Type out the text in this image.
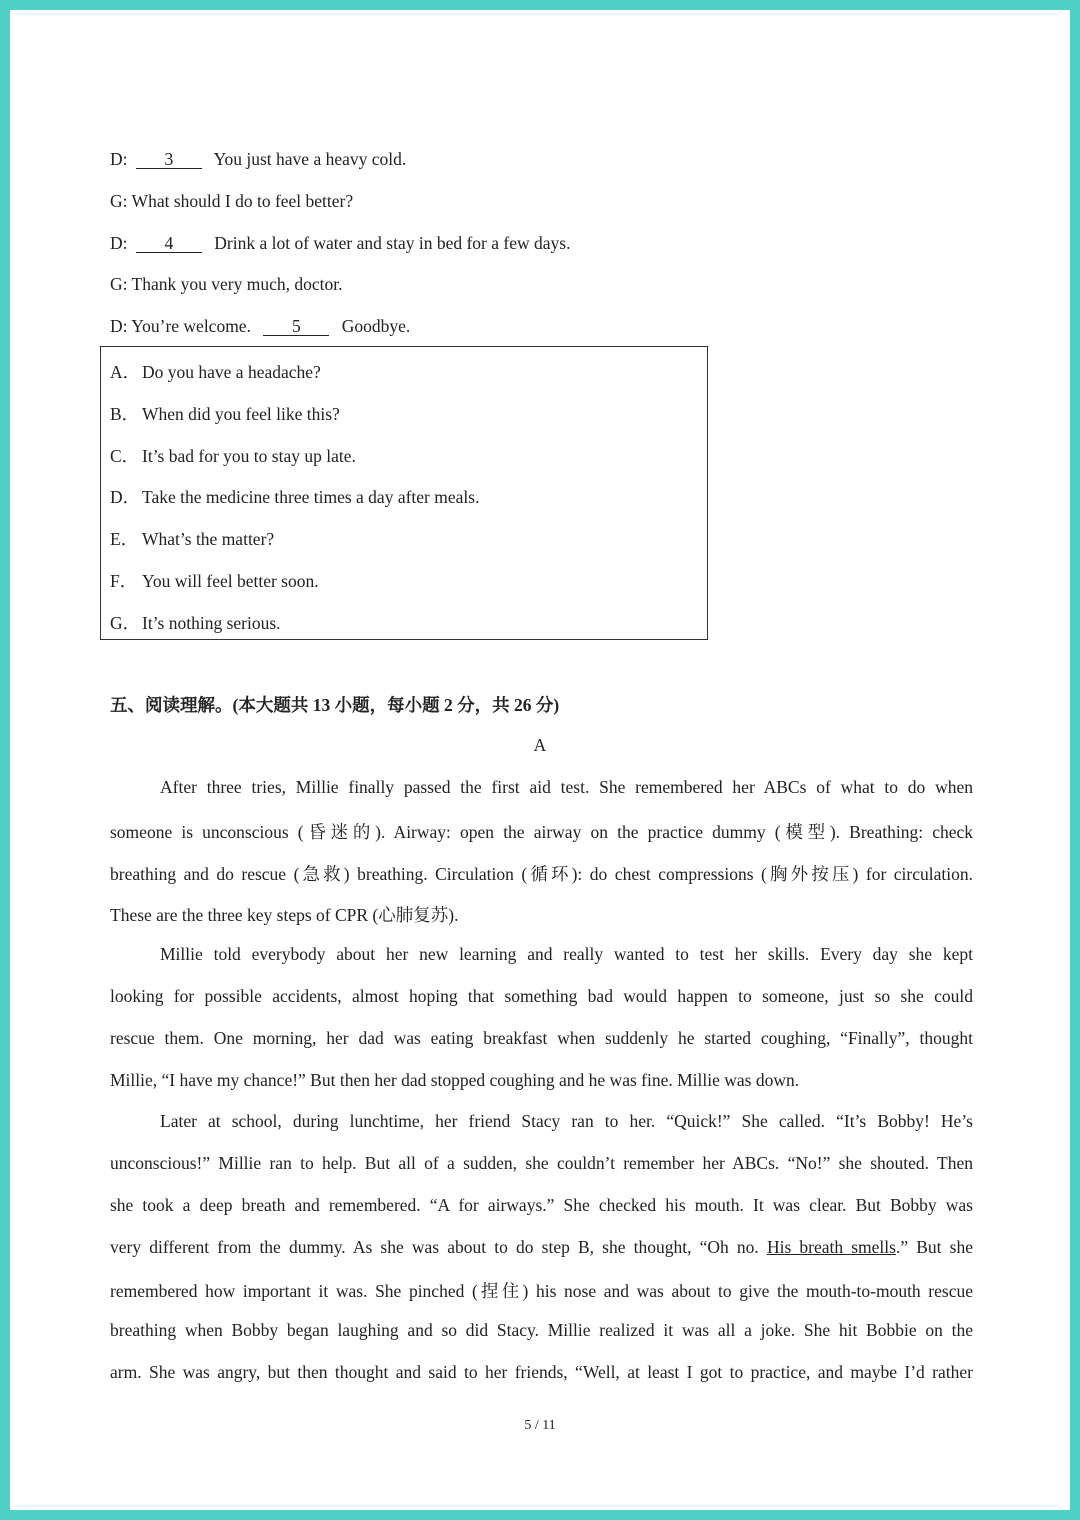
D: 3 You just have a heavy cold.
G: What should I do to feel better?
D: 4 Drink a lot of water and stay in bed for a few days.
G: Thank you very much, doctor.
D: You’re welcome. 5 Goodbye.
A． Do you have a headache?
B． When did you feel like this?
C． It’s bad for you to stay up late.
D． Take the medicine three times a day after meals.
E． What’s the matter?
F． You will feel better soon.
G． It’s nothing serious.
五、阅读理解。(本大题共 13 小题，每小题 2 分，共 26 分)
A
After three tries, Millie finally passed the first aid test. She remembered her ABCs of what to do when
someone is unconscious (昏迷的). Airway: open the airway on the practice dummy (模型). Breathing: check
breathing and do rescue (急救) breathing. Circulation (循环): do chest compressions (胸外按压) for circulation.
These are the three key steps of CPR (心肺复苏).
Millie told everybody about her new learning and really wanted to test her skills. Every day she kept
looking for possible accidents, almost hoping that something bad would happen to someone, just so she could
rescue them. One morning, her dad was eating breakfast when suddenly he started coughing, “Finally”, thought
Millie, “I have my chance!” But then her dad stopped coughing and he was fine. Millie was down.
Later at school, during lunchtime, her friend Stacy ran to her. “Quick!” She called. “It’s Bobby! He’s
unconscious!” Millie ran to help. But all of a sudden, she couldn’t remember her ABCs. “No!” she shouted. Then
she took a deep breath and remembered. “A for airways.” She checked his mouth. It was clear. But Bobby was
very different from the dummy. As she was about to do step B, she thought, “Oh no. His breath smells.” But she
remembered how important it was. She pinched (捏住) his nose and was about to give the mouth-to-mouth rescue
breathing when Bobby began laughing and so did Stacy. Millie realized it was all a joke. She hit Bobbie on the
arm. She was angry, but then thought and said to her friends, “Well, at least I got to practice, and maybe I’d rather
5 / 11
